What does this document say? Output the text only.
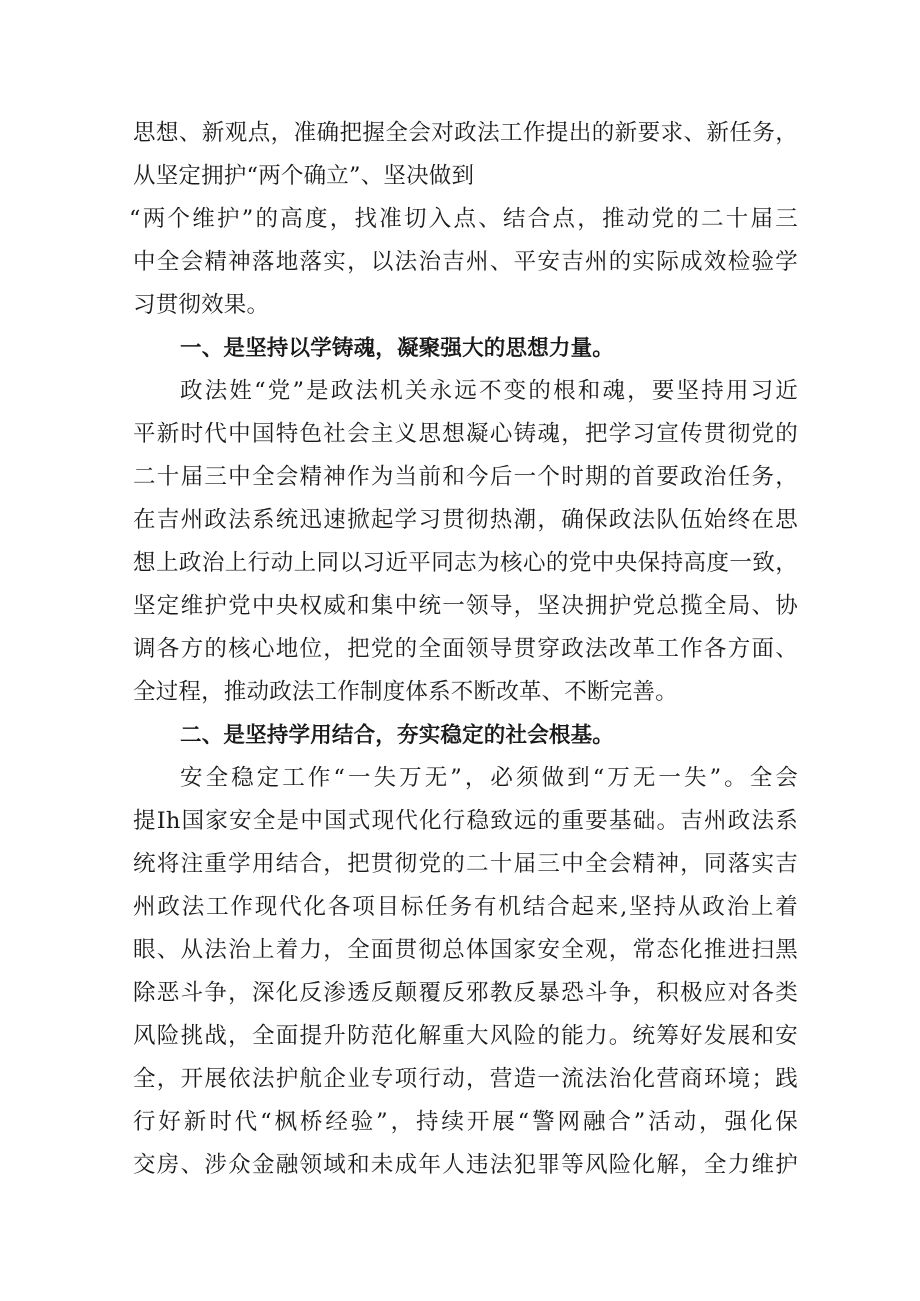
思想、新观点，准确把握全会对政法工作提出的新要求、新任务，
从坚定拥护“两个确立”、坚决做到
“两个维护”的高度，找准切入点、结合点，推动党的二十届三
中全会精神落地落实，以法治吉州、平安吉州的实际成效检验学
习贯彻效果。
一、是坚持以学铸魂，凝聚强大的思想力量。
政法姓“党”是政法机关永远不变的根和魂，要坚持用习近
平新时代中国特色社会主义思想凝心铸魂，把学习宣传贯彻党的
二十届三中全会精神作为当前和今后一个时期的首要政治任务，
在吉州政法系统迅速掀起学习贯彻热潮，确保政法队伍始终在思
想上政治上行动上同以习近平同志为核心的党中央保持高度一致，
坚定维护党中央权威和集中统一领导，坚决拥护党总揽全局、协
调各方的核心地位，把党的全面领导贯穿政法改革工作各方面、
全过程，推动政法工作制度体系不断改革、不断完善。
二、是坚持学用结合，夯实稳定的社会根基。
安全稳定工作“一失万无”，必须做到“万无一失”。全会
提Ih国家安全是中国式现代化行稳致远的重要基础。吉州政法系
统将注重学用结合，把贯彻党的二十届三中全会精神，同落实吉
州政法工作现代化各项目标任务有机结合起来,坚持从政治上着
眼、从法治上着力，全面贯彻总体国家安全观，常态化推进扫黑
除恶斗争，深化反渗透反颠覆反邪教反暴恐斗争，积极应对各类
风险挑战，全面提升防范化解重大风险的能力。统筹好发展和安
全，开展依法护航企业专项行动，营造一流法治化营商环境；践
行好新时代“枫桥经验”，持续开展“警网融合”活动，强化保
交房、涉众金融领域和未成年人违法犯罪等风险化解，全力维护
